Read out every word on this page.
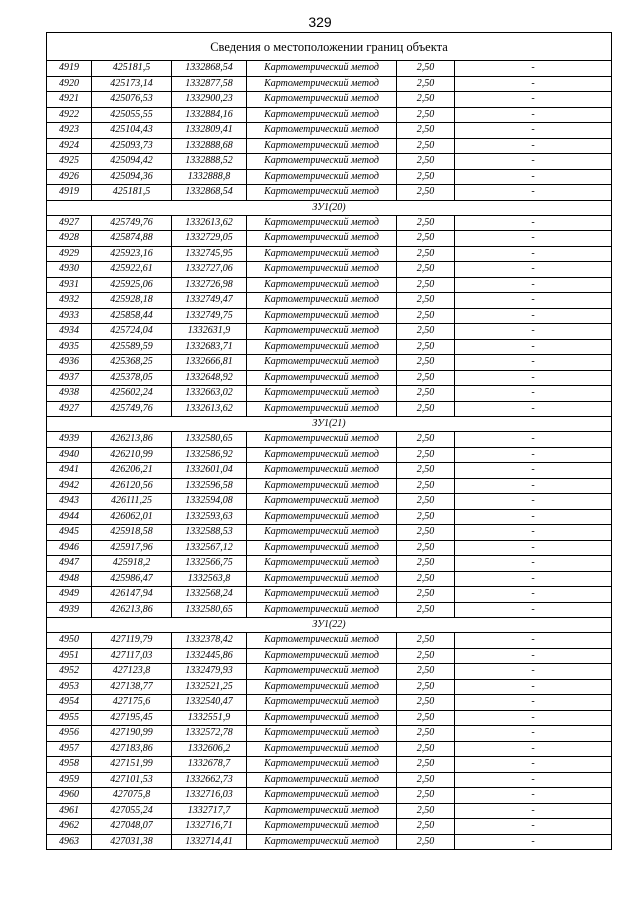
329
Сведения о местоположении границ объекта					
4919	425181,5	1332868,54	Картометрический метод	2,50	-
4920	425173,14	1332877,58	Картометрический метод	2,50	-
4921	425076,53	1332900,23	Картометрический метод	2,50	-
4922	425055,55	1332884,16	Картометрический метод	2,50	-
4923	425104,43	1332809,41	Картометрический метод	2,50	-
4924	425093,73	1332888,68	Картометрический метод	2,50	-
4925	425094,42	1332888,52	Картометрический метод	2,50	-
4926	425094,36	1332888,8	Картометрический метод	2,50	-
4919	425181,5	1332868,54	Картометрический метод	2,50	-
ЗУ1(20)					
4927	425749,76	1332613,62	Картометрический метод	2,50	-
4928	425874,88	1332729,05	Картометрический метод	2,50	-
4929	425923,16	1332745,95	Картометрический метод	2,50	-
4930	425922,61	1332727,06	Картометрический метод	2,50	-
4931	425925,06	1332726,98	Картометрический метод	2,50	-
4932	425928,18	1332749,47	Картометрический метод	2,50	-
4933	425858,44	1332749,75	Картометрический метод	2,50	-
4934	425724,04	1332631,9	Картометрический метод	2,50	-
4935	425589,59	1332683,71	Картометрический метод	2,50	-
4936	425368,25	1332666,81	Картометрический метод	2,50	-
4937	425378,05	1332648,92	Картометрический метод	2,50	-
4938	425602,24	1332663,02	Картометрический метод	2,50	-
4927	425749,76	1332613,62	Картометрический метод	2,50	-
ЗУ1(21)					
4939	426213,86	1332580,65	Картометрический метод	2,50	-
4940	426210,99	1332586,92	Картометрический метод	2,50	-
4941	426206,21	1332601,04	Картометрический метод	2,50	-
4942	426120,56	1332596,58	Картометрический метод	2,50	-
4943	426111,25	1332594,08	Картометрический метод	2,50	-
4944	426062,01	1332593,63	Картометрический метод	2,50	-
4945	425918,58	1332588,53	Картометрический метод	2,50	-
4946	425917,96	1332567,12	Картометрический метод	2,50	-
4947	425918,2	1332566,75	Картометрический метод	2,50	-
4948	425986,47	1332563,8	Картометрический метод	2,50	-
4949	426147,94	1332568,24	Картометрический метод	2,50	-
4939	426213,86	1332580,65	Картометрический метод	2,50	-
ЗУ1(22)					
4950	427119,79	1332378,42	Картометрический метод	2,50	-
4951	427117,03	1332445,86	Картометрический метод	2,50	-
4952	427123,8	1332479,93	Картометрический метод	2,50	-
4953	427138,77	1332521,25	Картометрический метод	2,50	-
4954	427175,6	1332540,47	Картометрический метод	2,50	-
4955	427195,45	1332551,9	Картометрический метод	2,50	-
4956	427190,99	1332572,78	Картометрический метод	2,50	-
4957	427183,86	1332606,2	Картометрический метод	2,50	-
4958	427151,99	1332678,7	Картометрический метод	2,50	-
4959	427101,53	1332662,73	Картометрический метод	2,50	-
4960	427075,8	1332716,03	Картометрический метод	2,50	-
4961	427055,24	1332717,7	Картометрический метод	2,50	-
4962	427048,07	1332716,71	Картометрический метод	2,50	-
4963	427031,38	1332714,41	Картометрический метод	2,50	-
